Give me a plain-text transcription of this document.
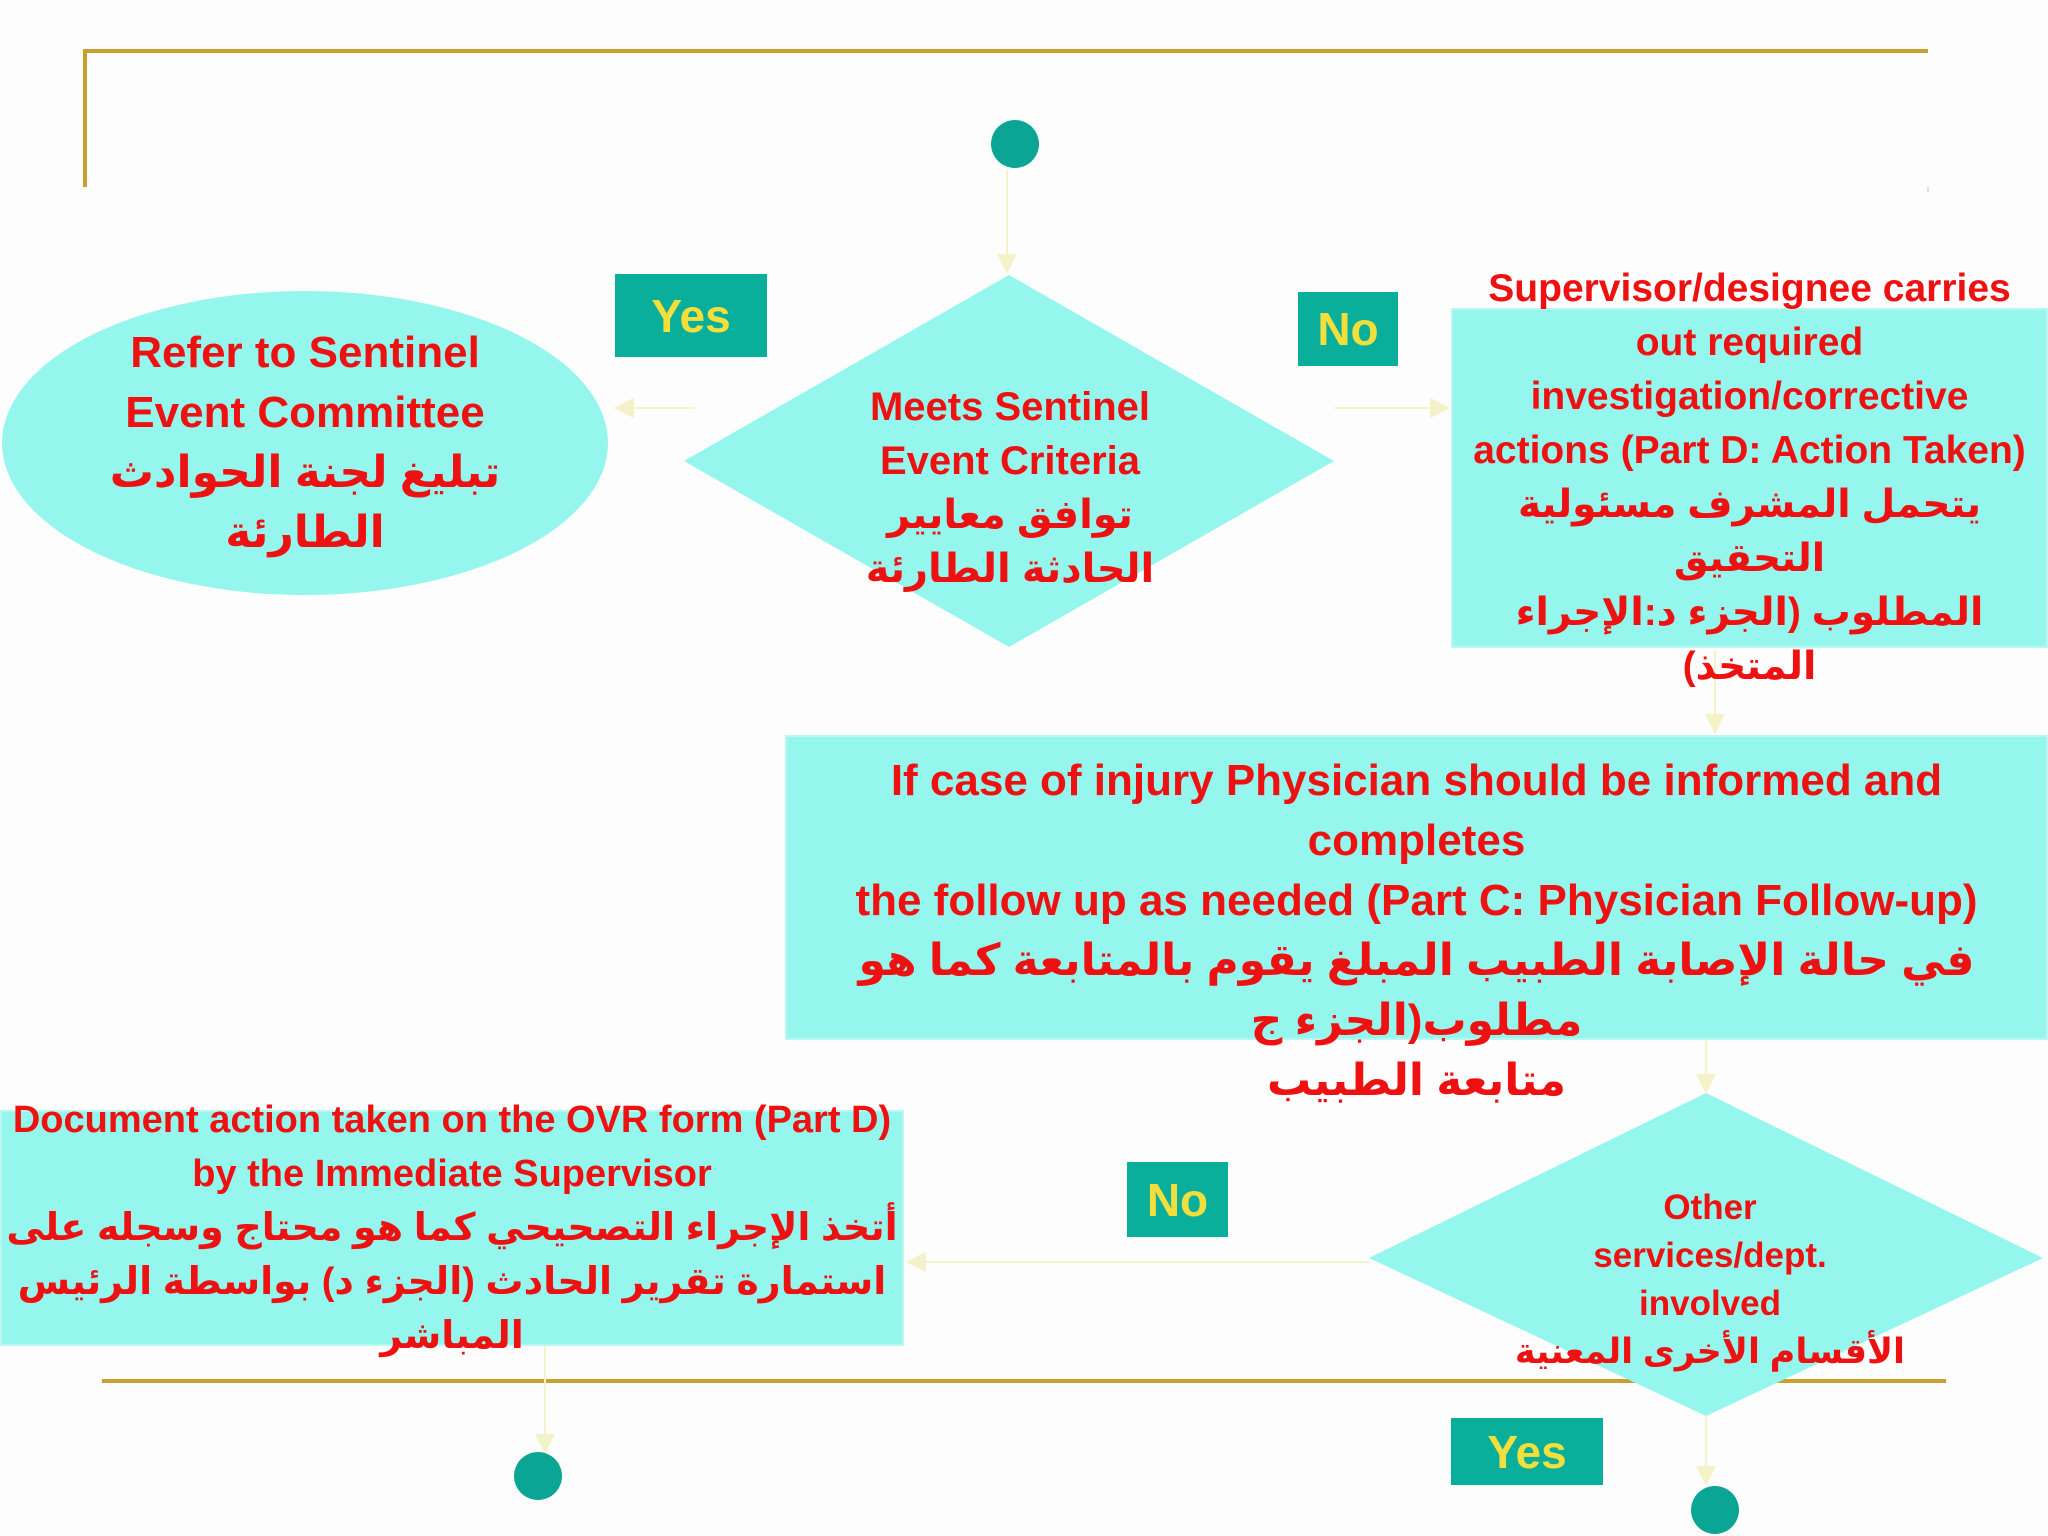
Meets Sentinel
Event Criteria
توافق معايير
الحادثة الطارئة
Refer to Sentinel
Event Committee
تبليغ لجنة الحوادث
الطارئة
Supervisor/designee carries
out required
investigation/corrective
actions (Part D: Action Taken)
يتحمل المشرف مسئولية التحقيق
المطلوب (الجزء د:الإجراء المتخذ)
If case of injury Physician should be informed and completes
the follow up as needed (Part C: Physician Follow-up)
في حالة الإصابة الطبيب المبلغ يقوم بالمتابعة كما هو مطلوب(الجزء ج
متابعة الطبيب
Other
services/dept.
involved
الأقسام الأخرى المعنية
Document action taken on the OVR form (Part D)
by the Immediate Supervisor
أتخذ الإجراء التصحيحي كما هو محتاج وسجله على
استمارة تقرير الحادث (الجزء د) بواسطة الرئيس المباشر
Yes	No
No
Yes
